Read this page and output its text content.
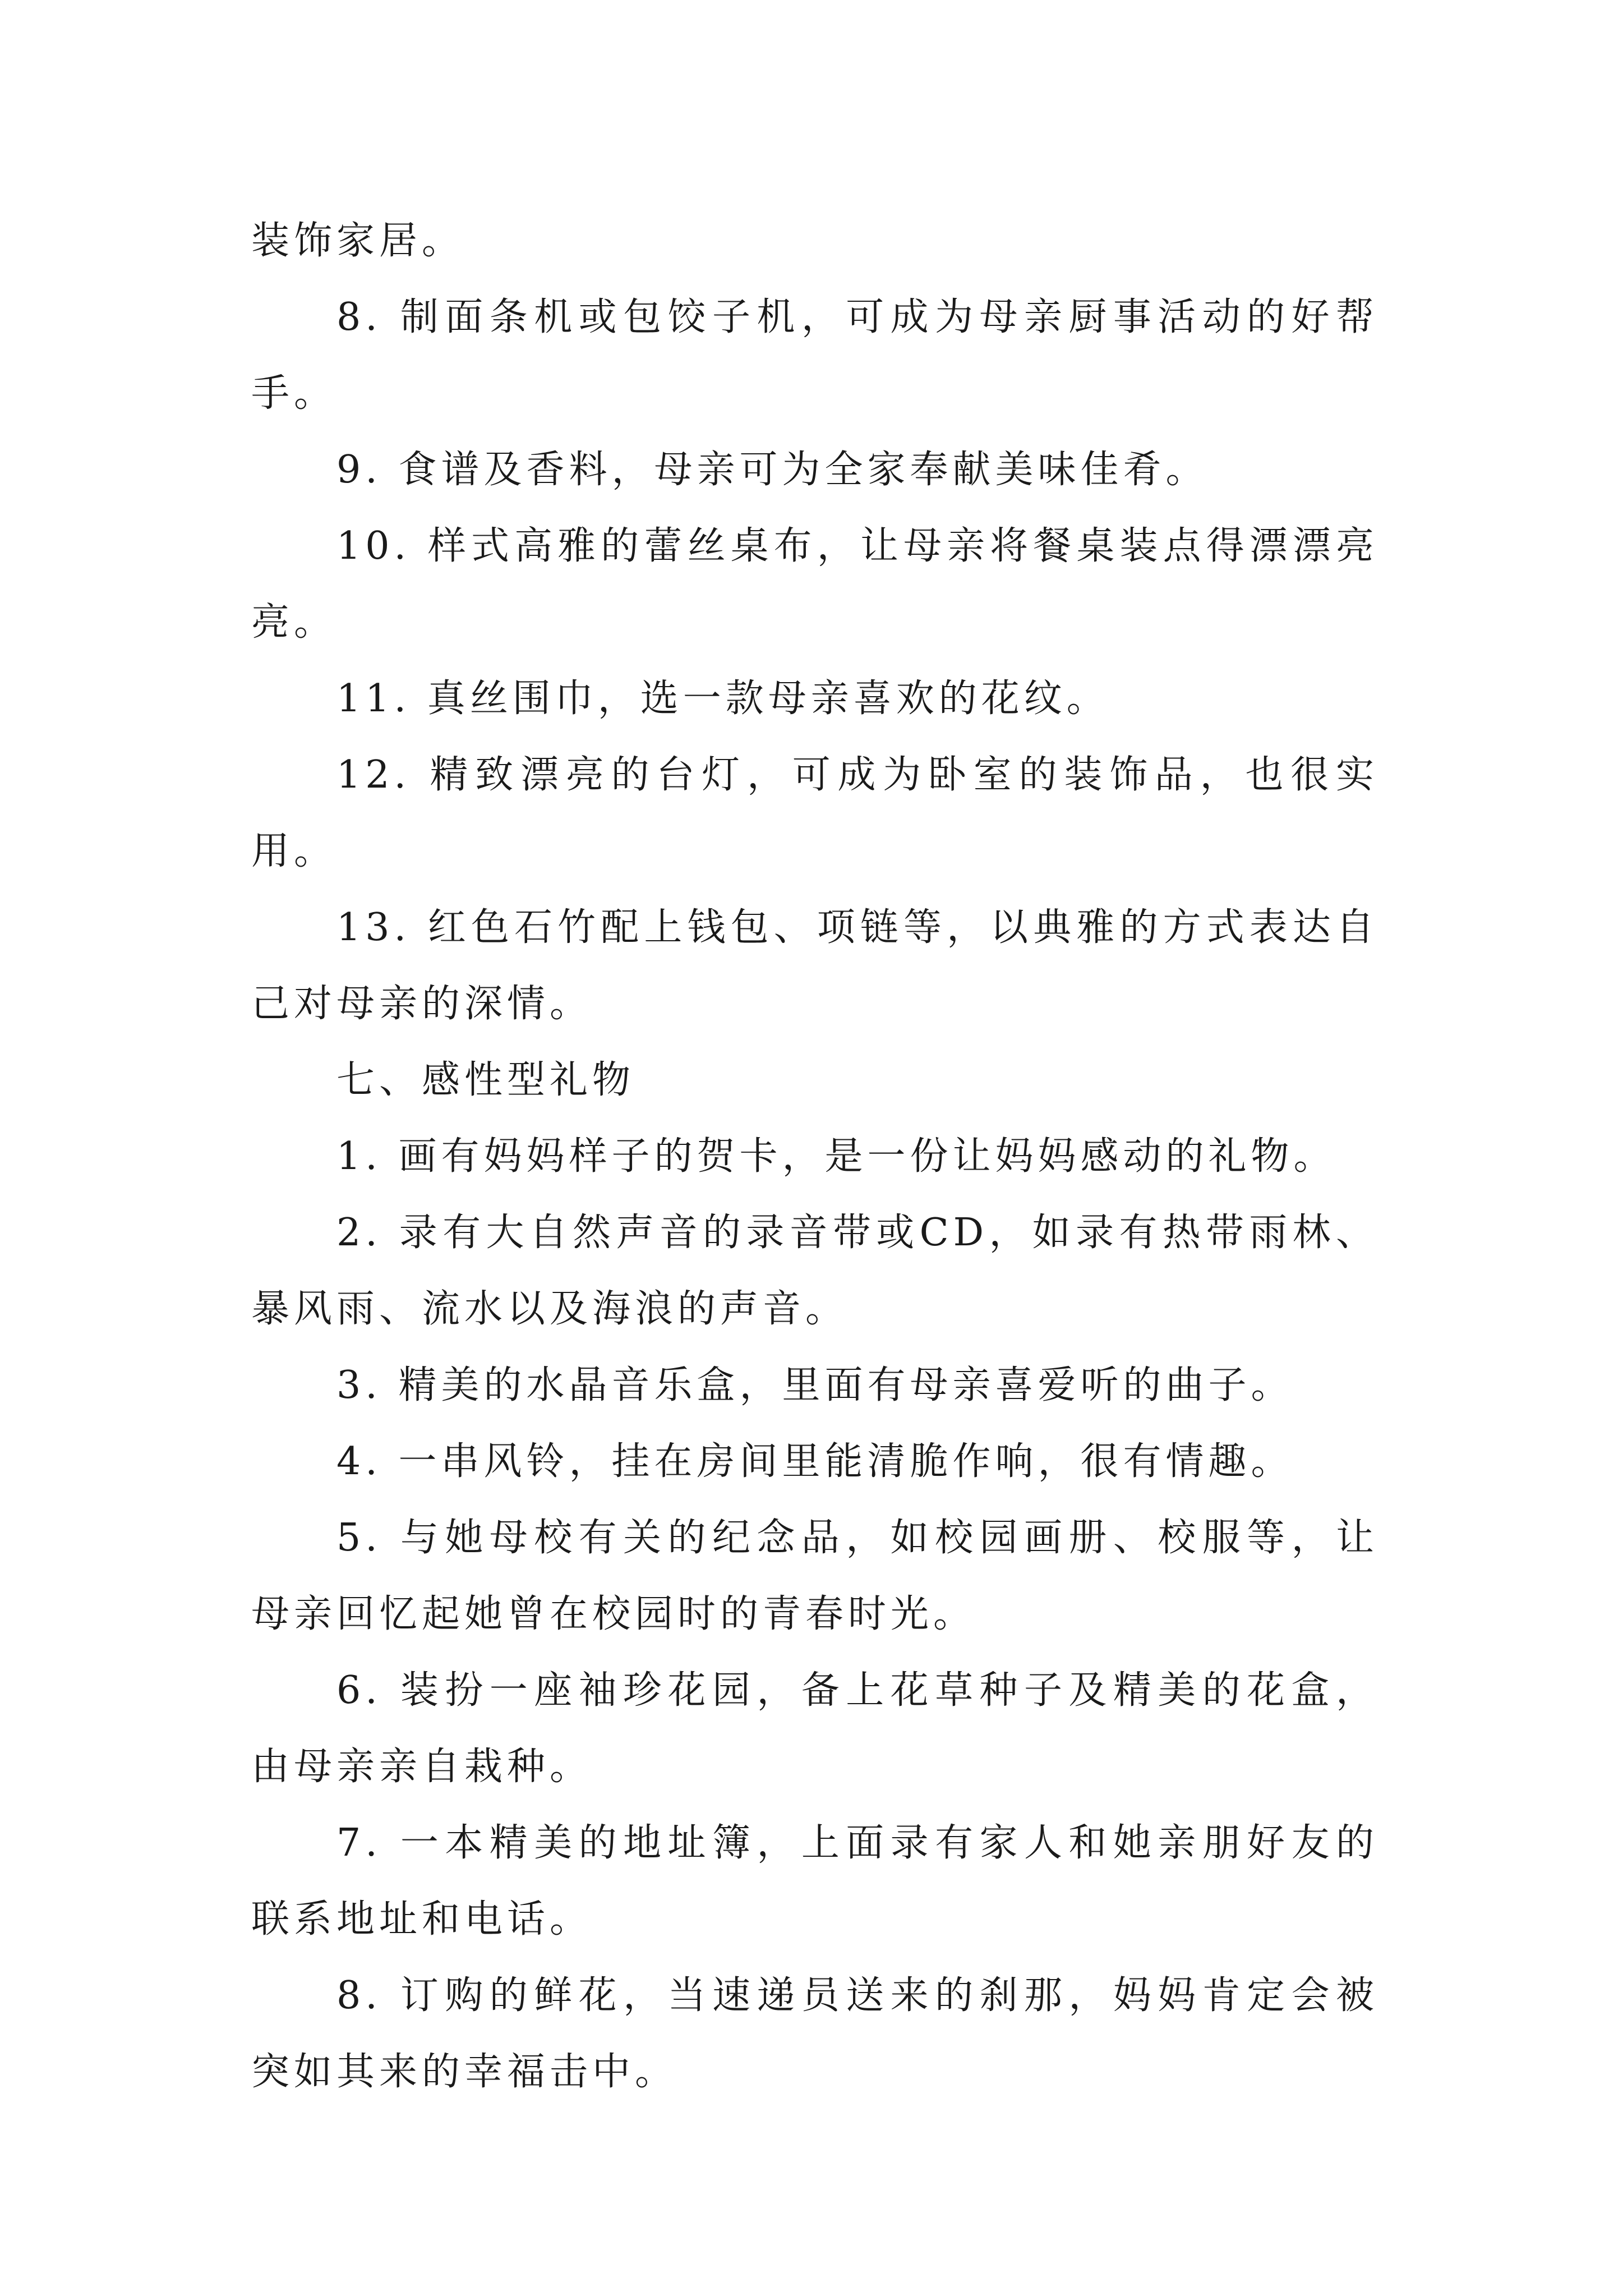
装饰家居。

8. 制面条机或包饺子机，可成为母亲厨事活动的好帮手。

9. 食谱及香料，母亲可为全家奉献美味佳肴。

10. 样式高雅的蕾丝桌布，让母亲将餐桌装点得漂漂亮亮。

11. 真丝围巾，选一款母亲喜欢的花纹。

12. 精致漂亮的台灯，可成为卧室的装饰品，也很实用。

13. 红色石竹配上钱包、项链等，以典雅的方式表达自己对母亲的深情。

七、感性型礼物

1. 画有妈妈样子的贺卡，是一份让妈妈感动的礼物。

2. 录有大自然声音的录音带或CD，如录有热带雨林、暴风雨、流水以及海浪的声音。

3. 精美的水晶音乐盒，里面有母亲喜爱听的曲子。

4. 一串风铃，挂在房间里能清脆作响，很有情趣。

5. 与她母校有关的纪念品，如校园画册、校服等，让母亲回忆起她曾在校园时的青春时光。

6. 装扮一座袖珍花园，备上花草种子及精美的花盒，由母亲亲自栽种。

7. 一本精美的地址簿，上面录有家人和她亲朋好友的联系地址和电话。

8. 订购的鲜花，当速递员送来的刹那，妈妈肯定会被突如其来的幸福击中。
